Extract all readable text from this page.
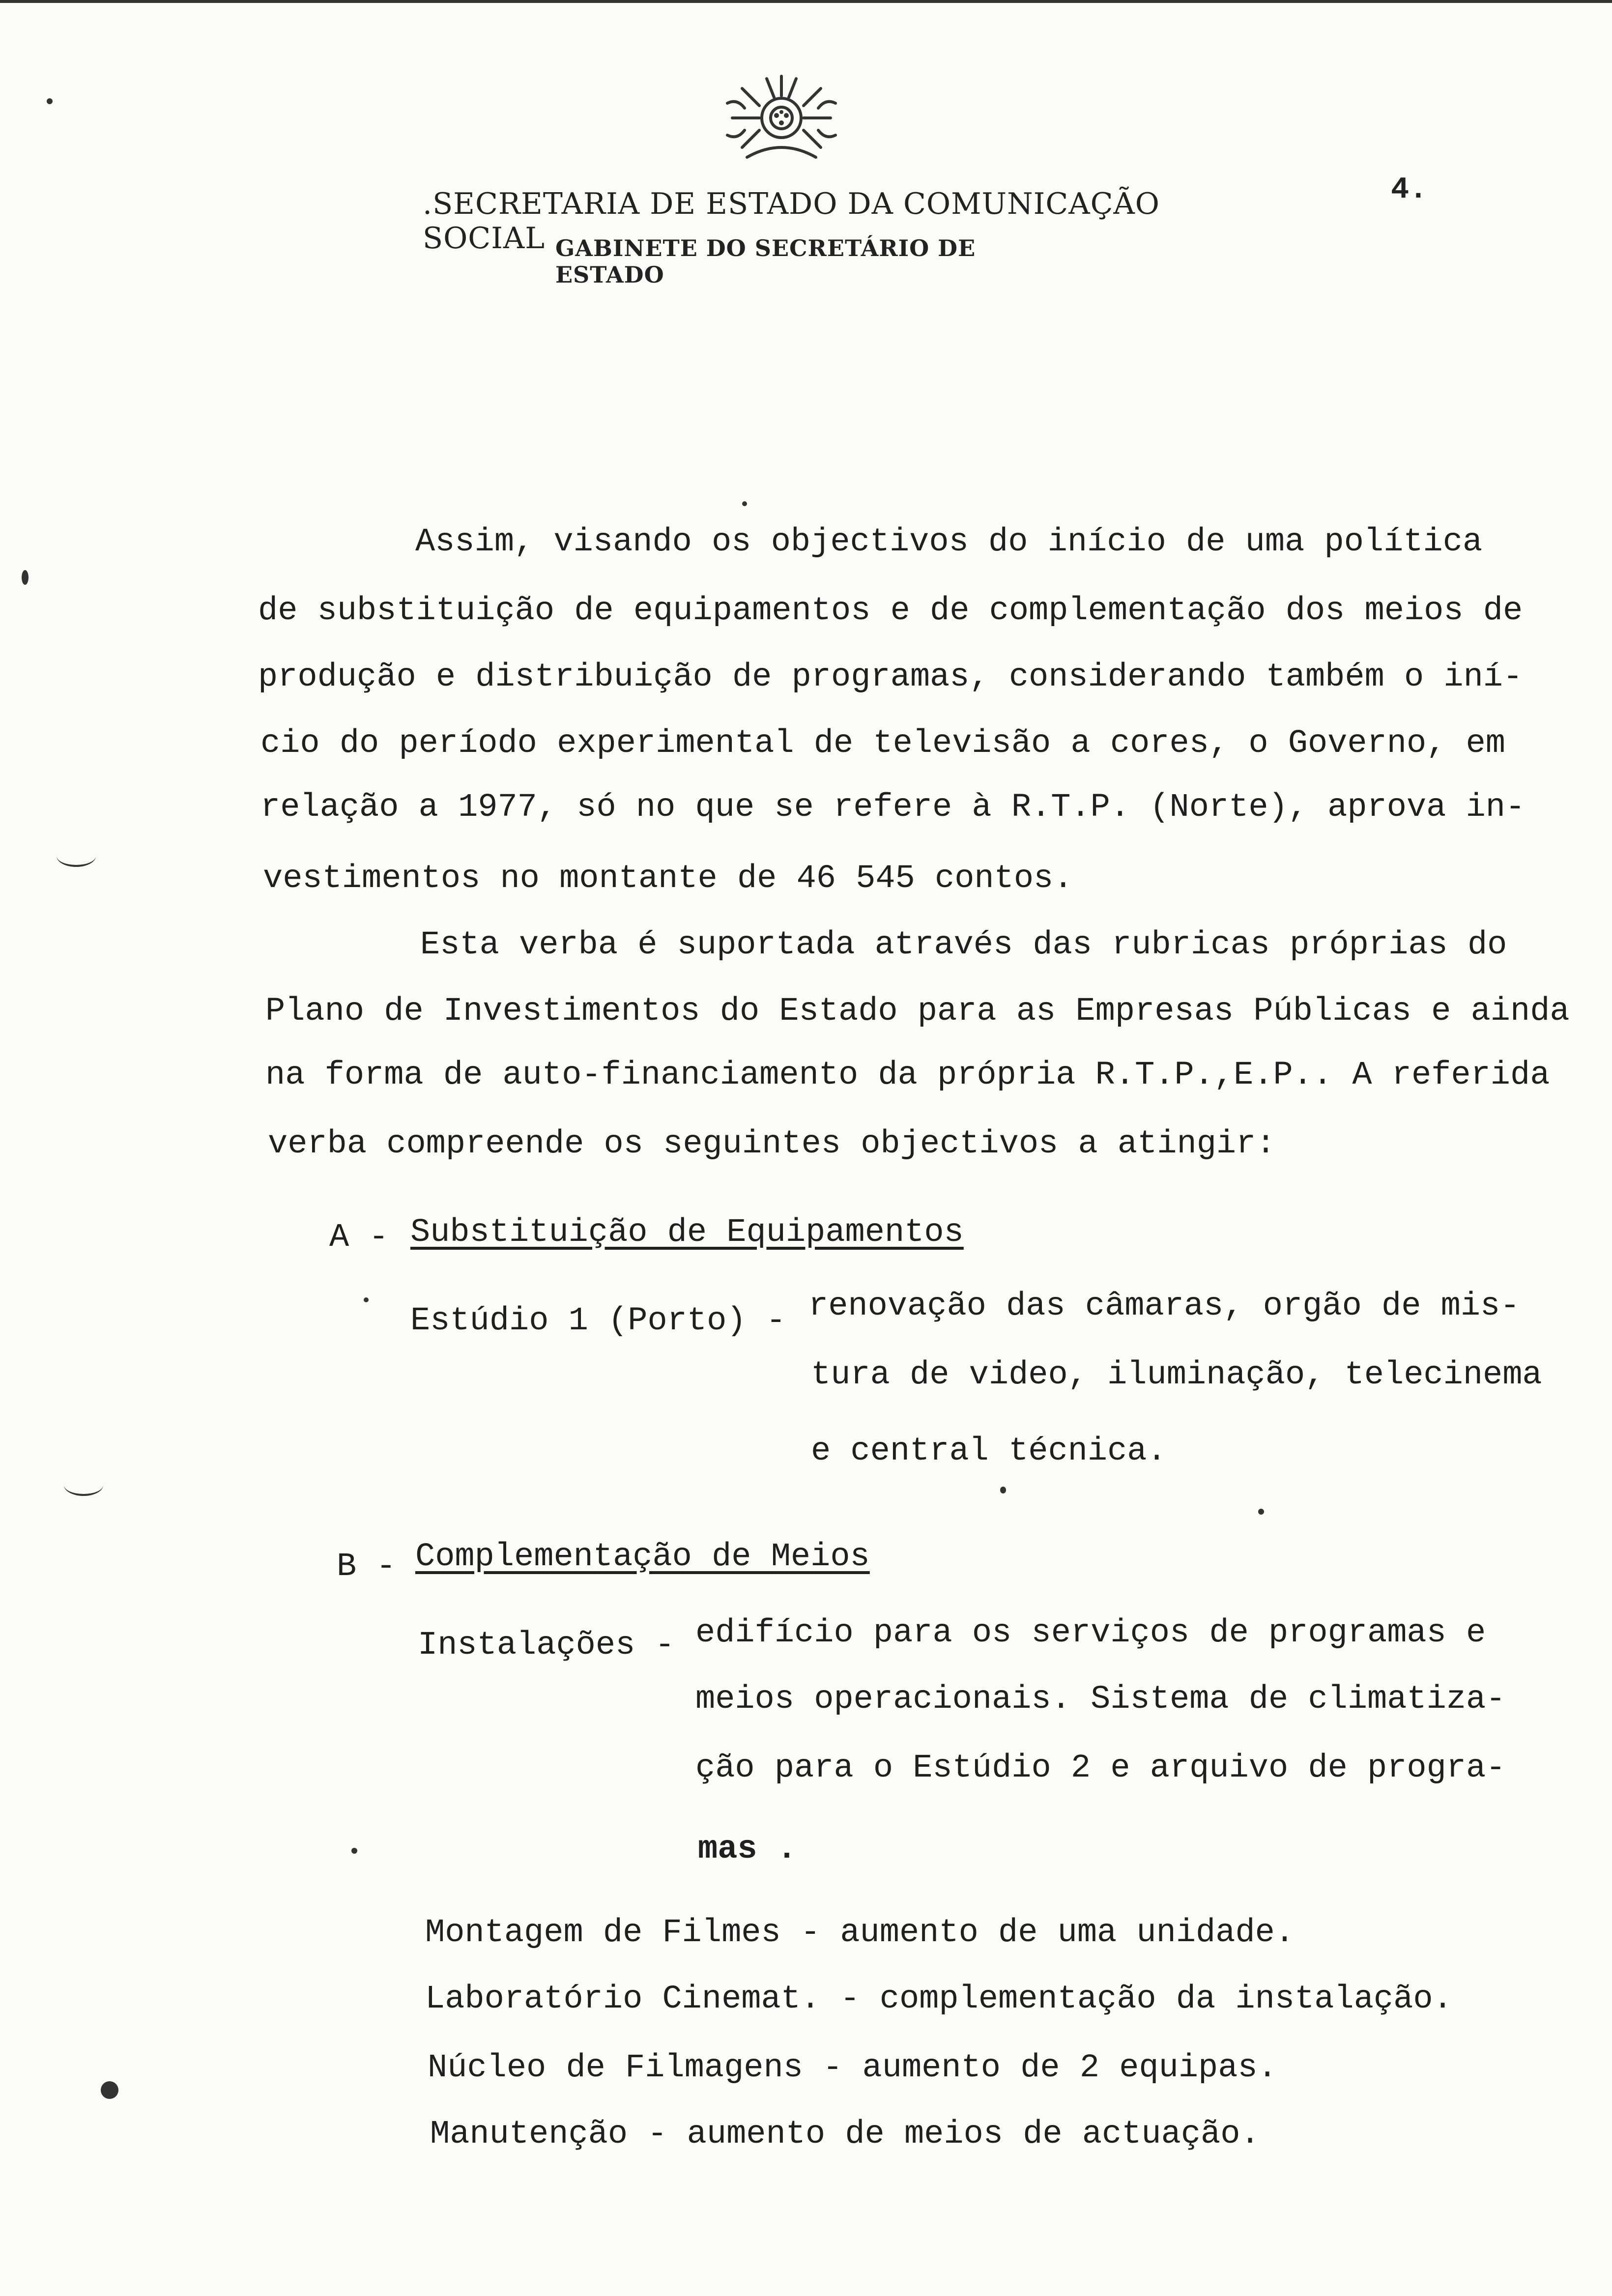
.SECRETARIA DE ESTADO DA COMUNICAÇÃO SOCIAL GABINETE DO SECRETÁRIO DE ESTADO
4.
Assim, visando os objectivos do início de uma política
de substituição de equipamentos e de complementação dos meios de
produção e distribuição de programas, considerando também o iní-
cio do período experimental de televisão a cores, o Governo, em
relação a 1977, só no que se refere à R.T.P. (Norte), aprova in-
vestimentos no montante de 46 545 contos.
Esta verba é suportada através das rubricas próprias do
Plano de Investimentos do Estado para as Empresas Públicas e ainda
na forma de auto-financiamento da própria R.T.P.,E.P.. A referida
verba compreende os seguintes objectivos a atingir:
A - Substituição de Equipamentos
Estúdio 1 (Porto) - renovação das câmaras, orgão de mis-
tura de video, iluminação, telecinema
e central técnica.
B - Complementação de Meios
Instalações - edifício para os serviços de programas e
meios operacionais. Sistema de climatiza-
ção para o Estúdio 2 e arquivo de progra-
mas .
Montagem de Filmes - aumento de uma unidade.
Laboratório Cinemat. - complementação da instalação.
Núcleo de Filmagens - aumento de 2 equipas.
Manutenção - aumento de meios de actuação.
